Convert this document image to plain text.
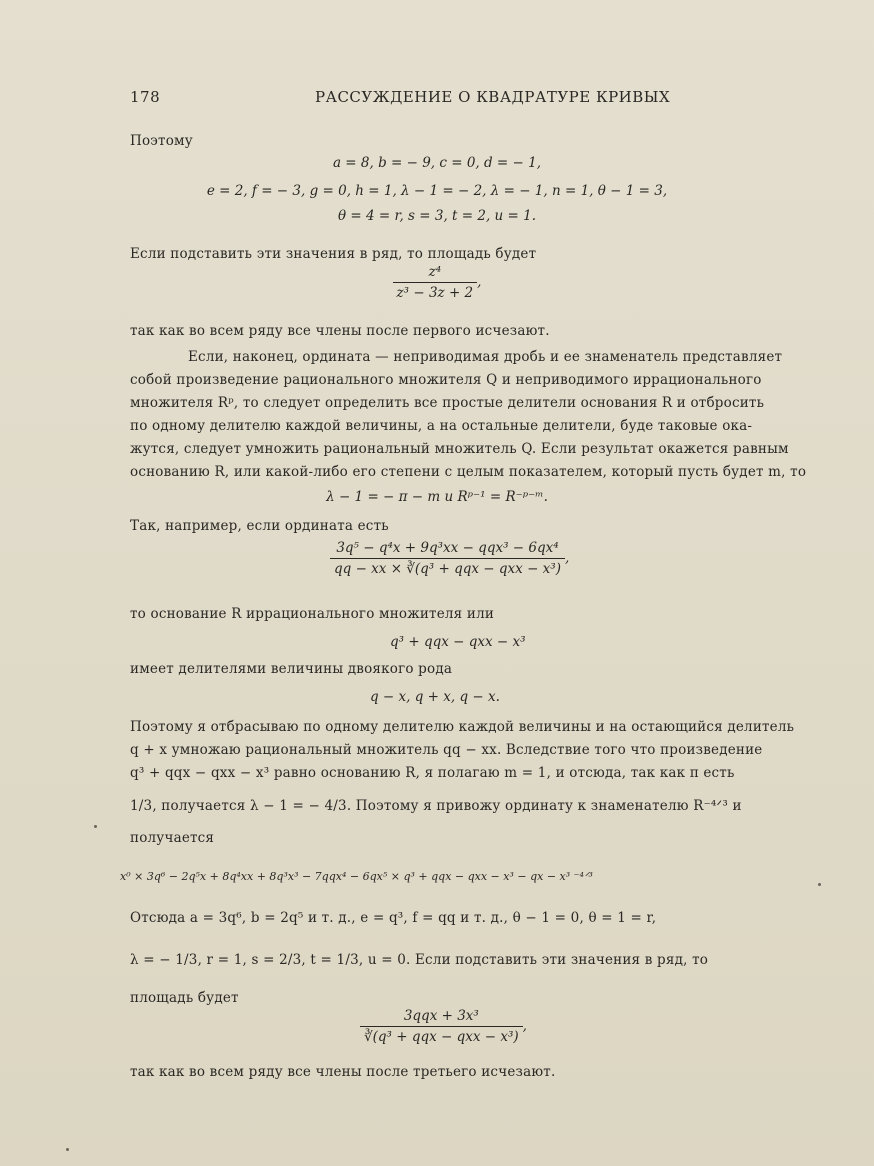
178	РАССУЖДЕНИЕ О КВАДРАТУРЕ КРИВЫХ
Поэтому
a = 8, b = − 9, c = 0, d = − 1,
e = 2, f = − 3, g = 0, h = 1, λ − 1 = − 2, λ = − 1, n = 1, θ − 1 = 3,
θ = 4 = r, s = 3, t = 2, u = 1.
Если подставить эти значения в ряд, то площадь будет
$\frac{\text{z⁴}}{\text{z³ − 3z + 2}}$ ,
так как во всем ряду все члены после первого исчезают.
Если, наконец, ордината — неприводимая дробь и ее знаменатель представляет
собой произведение рационального множителя Q и неприводимого иррационального
множителя Rᵖ, то следует определить все простые делители основания R и отбросить
по одному делителю каждой величины, а на остальные делители, буде таковые ока-
жутся, следует умножить рациональный множитель Q. Если результат окажется равным
основанию R, или какой-либо его степени с целым показателем, который пусть будет m, то
λ − 1 = − π − m и Rᵖ⁻¹ = R⁻ᵖ⁻ᵐ.
Так, например, если ордината есть
$\frac{\text{3q⁵ − q⁴x + 9q³xx − qqx³ − 6qx⁴}}{\text{qq − xx × ∛(q³ + qqx − qxx − x³)}}$ ,
то основание R иррационального множителя или
q³ + qqx − qxx − x³
имеет делителями величины двоякого рода
q − x, q + x, q − x.
Поэтому я отбрасываю по одному делителю каждой величины и на остающийся делитель
q + x умножаю рациональный множитель qq − xx. Вследствие того что произведение
q³ + qqx − qxx − x³ равно основанию R, я полагаю m = 1, и отсюда, так как π есть
1/3, получается λ − 1 = − 4/3. Поэтому я привожу ординату к знаменателю R⁻⁴ᐟ³ и
получается
x⁰ × 3q⁶ − 2q⁵x + 8q⁴xx + 8q³x³ − 7qqx⁴ − 6qx⁵ × q³ + qqx − qxx − x³ − qx − x³ ⁻⁴ᐟ³
Отсюда a = 3q⁶, b = 2q⁵ и т. д., e = q³, f = qq и т. д., θ − 1 = 0, θ = 1 = r,
λ = − 1/3, r = 1, s = 2/3, t = 1/3, u = 0. Если подставить эти значения в ряд, то
площадь будет
$\frac{\text{3qqx + 3x³}}{\text{∛(q³ + qqx − qxx − x³)}}$ ,
так как во всем ряду все члены после третьего исчезают.
